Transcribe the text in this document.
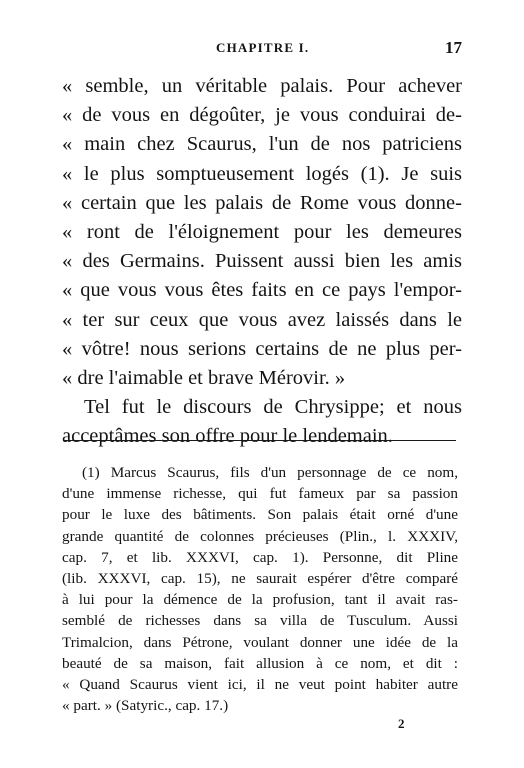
CHAPITRE I.	17
« semble, un véritable palais. Pour achever
« de vous en dégoûter, je vous conduirai de-
« main chez Scaurus, l'un de nos patriciens
« le plus somptueusement logés (1). Je suis
« certain que les palais de Rome vous donne-
« ront de l'éloignement pour les demeures
« des Germains. Puissent aussi bien les amis
« que vous vous êtes faits en ce pays l'empor-
« ter sur ceux que vous avez laissés dans le
« vôtre! nous serions certains de ne plus per-
« dre l'aimable et brave Mérovir. »
Tel fut le discours de Chrysippe; et nous
acceptâmes son offre pour le lendemain.
(1) Marcus Scaurus, fils d'un personnage de ce nom,
d'une immense richesse, qui fut fameux par sa passion
pour le luxe des bâtiments. Son palais était orné d'une
grande quantité de colonnes précieuses (Plin., l. XXXIV,
cap. 7, et lib. XXXVI, cap. 1). Personne, dit Pline
(lib. XXXVI, cap. 15), ne saurait espérer d'être comparé
à lui pour la démence de la profusion, tant il avait ras-
semblé de richesses dans sa villa de Tusculum. Aussi
Trimalcion, dans Pétrone, voulant donner une idée de la
beauté de sa maison, fait allusion à ce nom, et dit :
« Quand Scaurus vient ici, il ne veut point habiter autre
« part. » (Satyric., cap. 17.)
2
